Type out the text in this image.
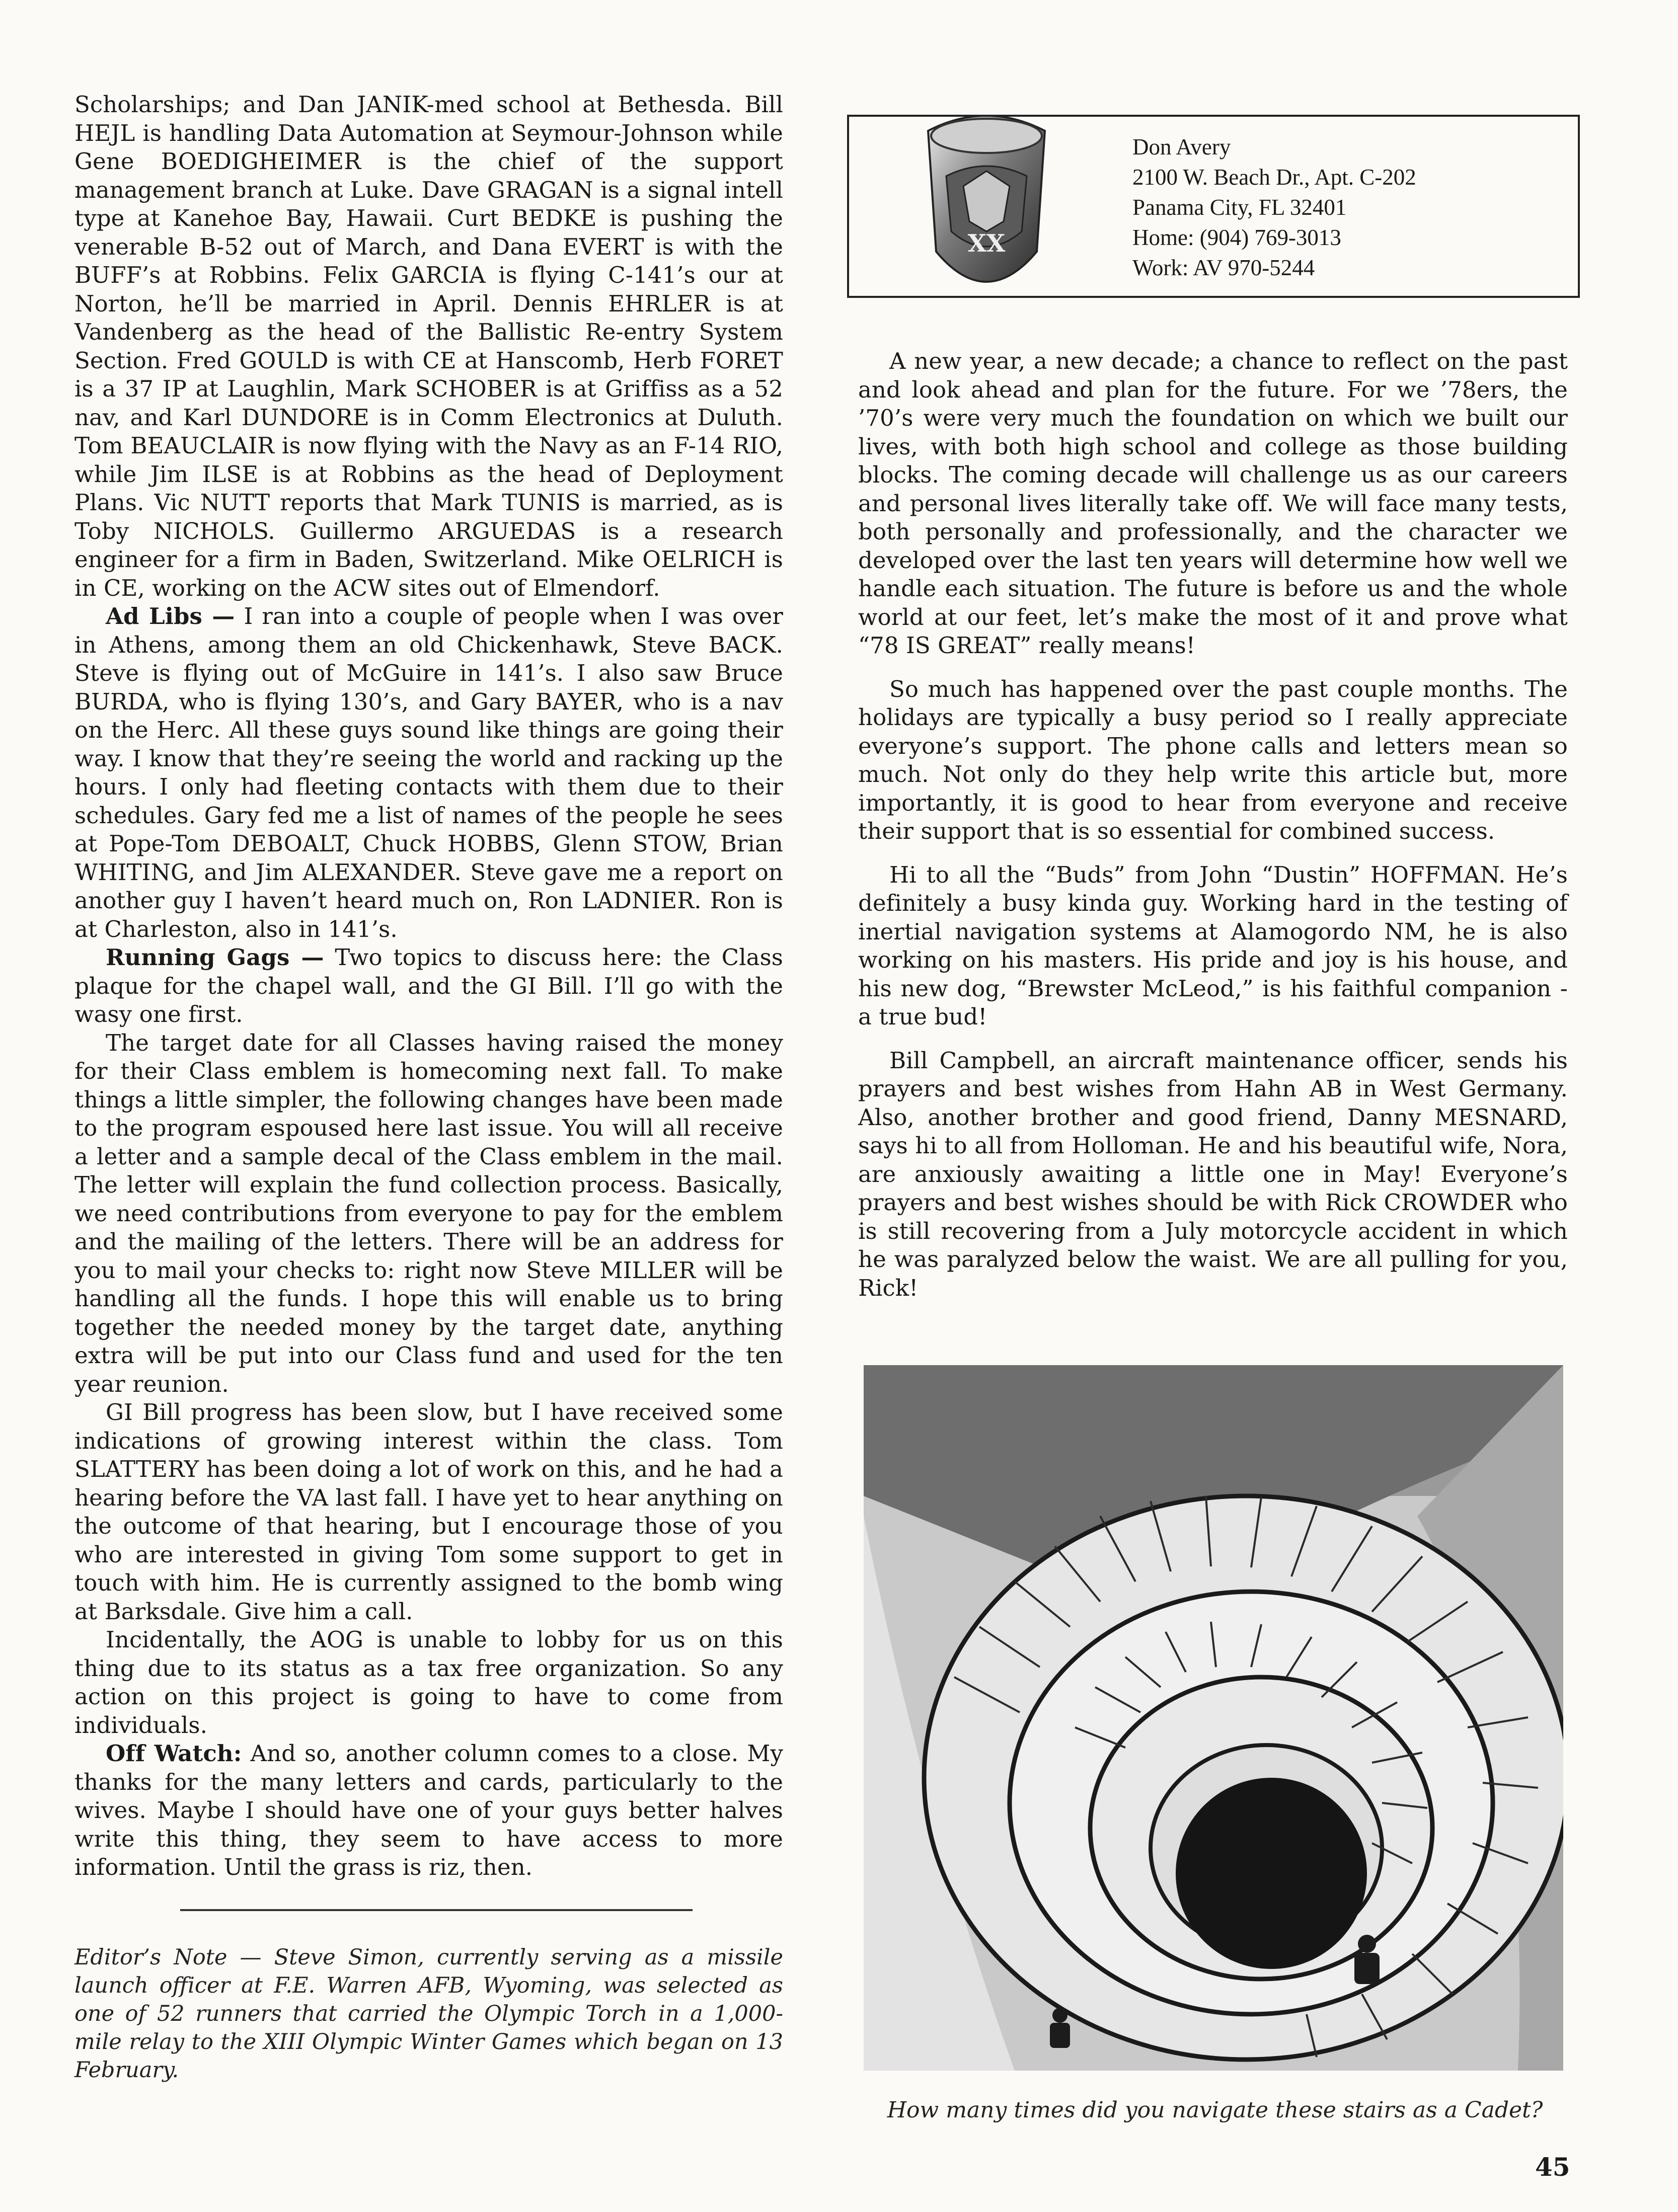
Scholarships; and Dan JANIK-med school at Bethesda. Bill HEJL is handling Data Automation at Seymour-Johnson while Gene BOEDIGHEIMER is the chief of the support management branch at Luke. Dave GRAGAN is a signal intell type at Kanehoe Bay, Hawaii. Curt BEDKE is pushing the venerable B-52 out of March, and Dana EVERT is with the BUFF’s at Robbins. Felix GARCIA is flying C-141’s our at Norton, he’ll be married in April. Dennis EHRLER is at Vandenberg as the head of the Ballistic Re-entry System Section. Fred GOULD is with CE at Hanscomb, Herb FORET is a 37 IP at Laughlin, Mark SCHOBER is at Griffiss as a 52 nav, and Karl DUNDORE is in Comm Electronics at Duluth. Tom BEAUCLAIR is now flying with the Navy as an F-14 RIO, while Jim ILSE is at Robbins as the head of Deployment Plans. Vic NUTT reports that Mark TUNIS is married, as is Toby NICHOLS. Guillermo ARGUEDAS is a research engineer for a firm in Baden, Switzerland. Mike OELRICH is in CE, working on the ACW sites out of Elmendorf.

Ad Libs — I ran into a couple of people when I was over in Athens, among them an old Chickenhawk, Steve BACK. Steve is flying out of McGuire in 141’s. I also saw Bruce BURDA, who is flying 130’s, and Gary BAYER, who is a nav on the Herc. All these guys sound like things are going their way. I know that they’re seeing the world and racking up the hours. I only had fleeting contacts with them due to their schedules. Gary fed me a list of names of the people he sees at Pope-Tom DEBOALT, Chuck HOBBS, Glenn STOW, Brian WHITING, and Jim ALEXANDER. Steve gave me a report on another guy I haven’t heard much on, Ron LADNIER. Ron is at Charleston, also in 141’s.

Running Gags — Two topics to discuss here: the Class plaque for the chapel wall, and the GI Bill. I’ll go with the wasy one first.

The target date for all Classes having raised the money for their Class emblem is homecoming next fall. To make things a little simpler, the following changes have been made to the program espoused here last issue. You will all receive a letter and a sample decal of the Class emblem in the mail. The letter will explain the fund collection process. Basically, we need contributions from everyone to pay for the emblem and the mailing of the letters. There will be an address for you to mail your checks to: right now Steve MILLER will be handling all the funds. I hope this will enable us to bring together the needed money by the target date, anything extra will be put into our Class fund and used for the ten year reunion.

GI Bill progress has been slow, but I have received some indications of growing interest within the class. Tom SLATTERY has been doing a lot of work on this, and he had a hearing before the VA last fall. I have yet to hear anything on the outcome of that hearing, but I encourage those of you who are interested in giving Tom some support to get in touch with him. He is currently assigned to the bomb wing at Barksdale. Give him a call.

Incidentally, the AOG is unable to lobby for us on this thing due to its status as a tax free organization. So any action on this project is going to have to come from individuals.

Off Watch: And so, another column comes to a close. My thanks for the many letters and cards, particularly to the wives. Maybe I should have one of your guys better halves write this thing, they seem to have access to more information. Until the grass is riz, then.

Editor’s Note — Steve Simon, currently serving as a missile launch officer at F.E. Warren AFB, Wyoming, was selected as one of 52 runners that carried the Olympic Torch in a 1,000-mile relay to the XIII Olympic Winter Games which began on 13 February.
XX
Don Avery
2100 W. Beach Dr., Apt. C-202
Panama City, FL 32401
Home: (904) 769-3013
Work: AV 970-5244

A new year, a new decade; a chance to reflect on the past and look ahead and plan for the future. For we ’78ers, the ’70’s were very much the foundation on which we built our lives, with both high school and college as those building blocks. The coming decade will challenge us as our careers and personal lives literally take off. We will face many tests, both personally and professionally, and the character we developed over the last ten years will determine how well we handle each situation. The future is before us and the whole world at our feet, let’s make the most of it and prove what “78 IS GREAT” really means!

So much has happened over the past couple months. The holidays are typically a busy period so I really appreciate everyone’s support. The phone calls and letters mean so much. Not only do they help write this article but, more importantly, it is good to hear from everyone and receive their support that is so essential for combined success.

Hi to all the “Buds” from John “Dustin” HOFFMAN. He’s definitely a busy kinda guy. Working hard in the testing of inertial navigation systems at Alamogordo NM, he is also working on his masters. His pride and joy is his house, and his new dog, “Brewster McLeod,” is his faithful companion - a true bud!

Bill Campbell, an aircraft maintenance officer, sends his prayers and best wishes from Hahn AB in West Germany. Also, another brother and good friend, Danny MESNARD, says hi to all from Holloman. He and his beautiful wife, Nora, are anxiously awaiting a little one in May! Everyone’s prayers and best wishes should be with Rick CROWDER who is still recovering from a July motorcycle accident in which he was paralyzed below the waist. We are all pulling for you, Rick!

How many times did you navigate these stairs as a Cadet?
45
